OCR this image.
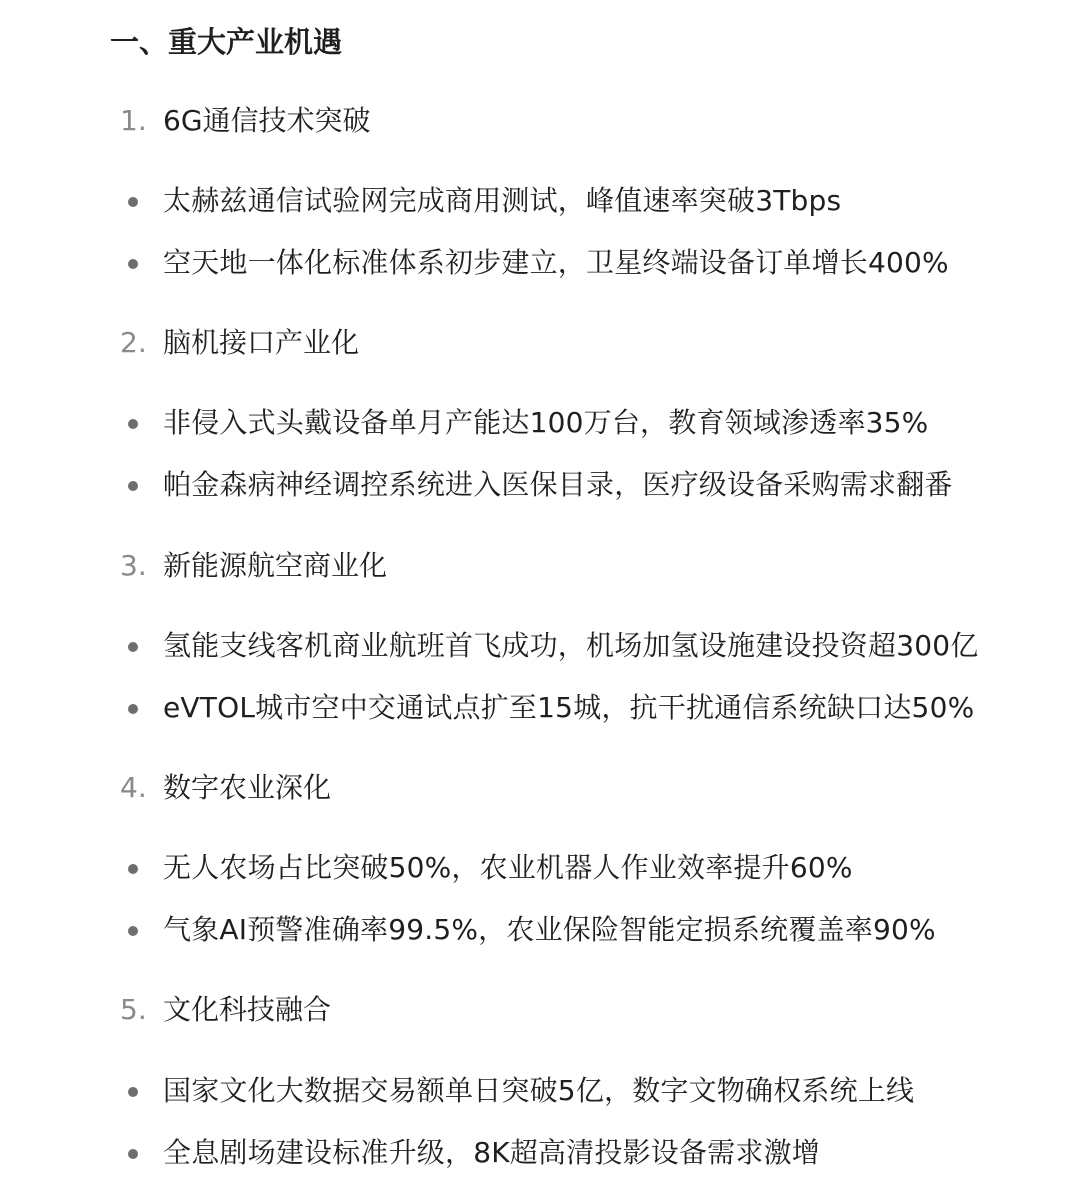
一、重大产业机遇
1. 6G通信技术突破
太赫兹通信试验网完成商用测试，峰值速率突破3Tbps
空天地一体化标准体系初步建立，卫星终端设备订单增长400%
2. 脑机接口产业化
非侵入式头戴设备单月产能达100万台，教育领域渗透率35%
帕金森病神经调控系统进入医保目录，医疗级设备采购需求翻番
3. 新能源航空商业化
氢能支线客机商业航班首飞成功，机场加氢设施建设投资超300亿
eVTOL城市空中交通试点扩至15城，抗干扰通信系统缺口达50%
4. 数字农业深化
无人农场占比突破50%，农业机器人作业效率提升60%
气象AI预警准确率99.5%，农业保险智能定损系统覆盖率90%
5. 文化科技融合
国家文化大数据交易额单日突破5亿，数字文物确权系统上线
全息剧场建设标准升级，8K超高清投影设备需求激增
